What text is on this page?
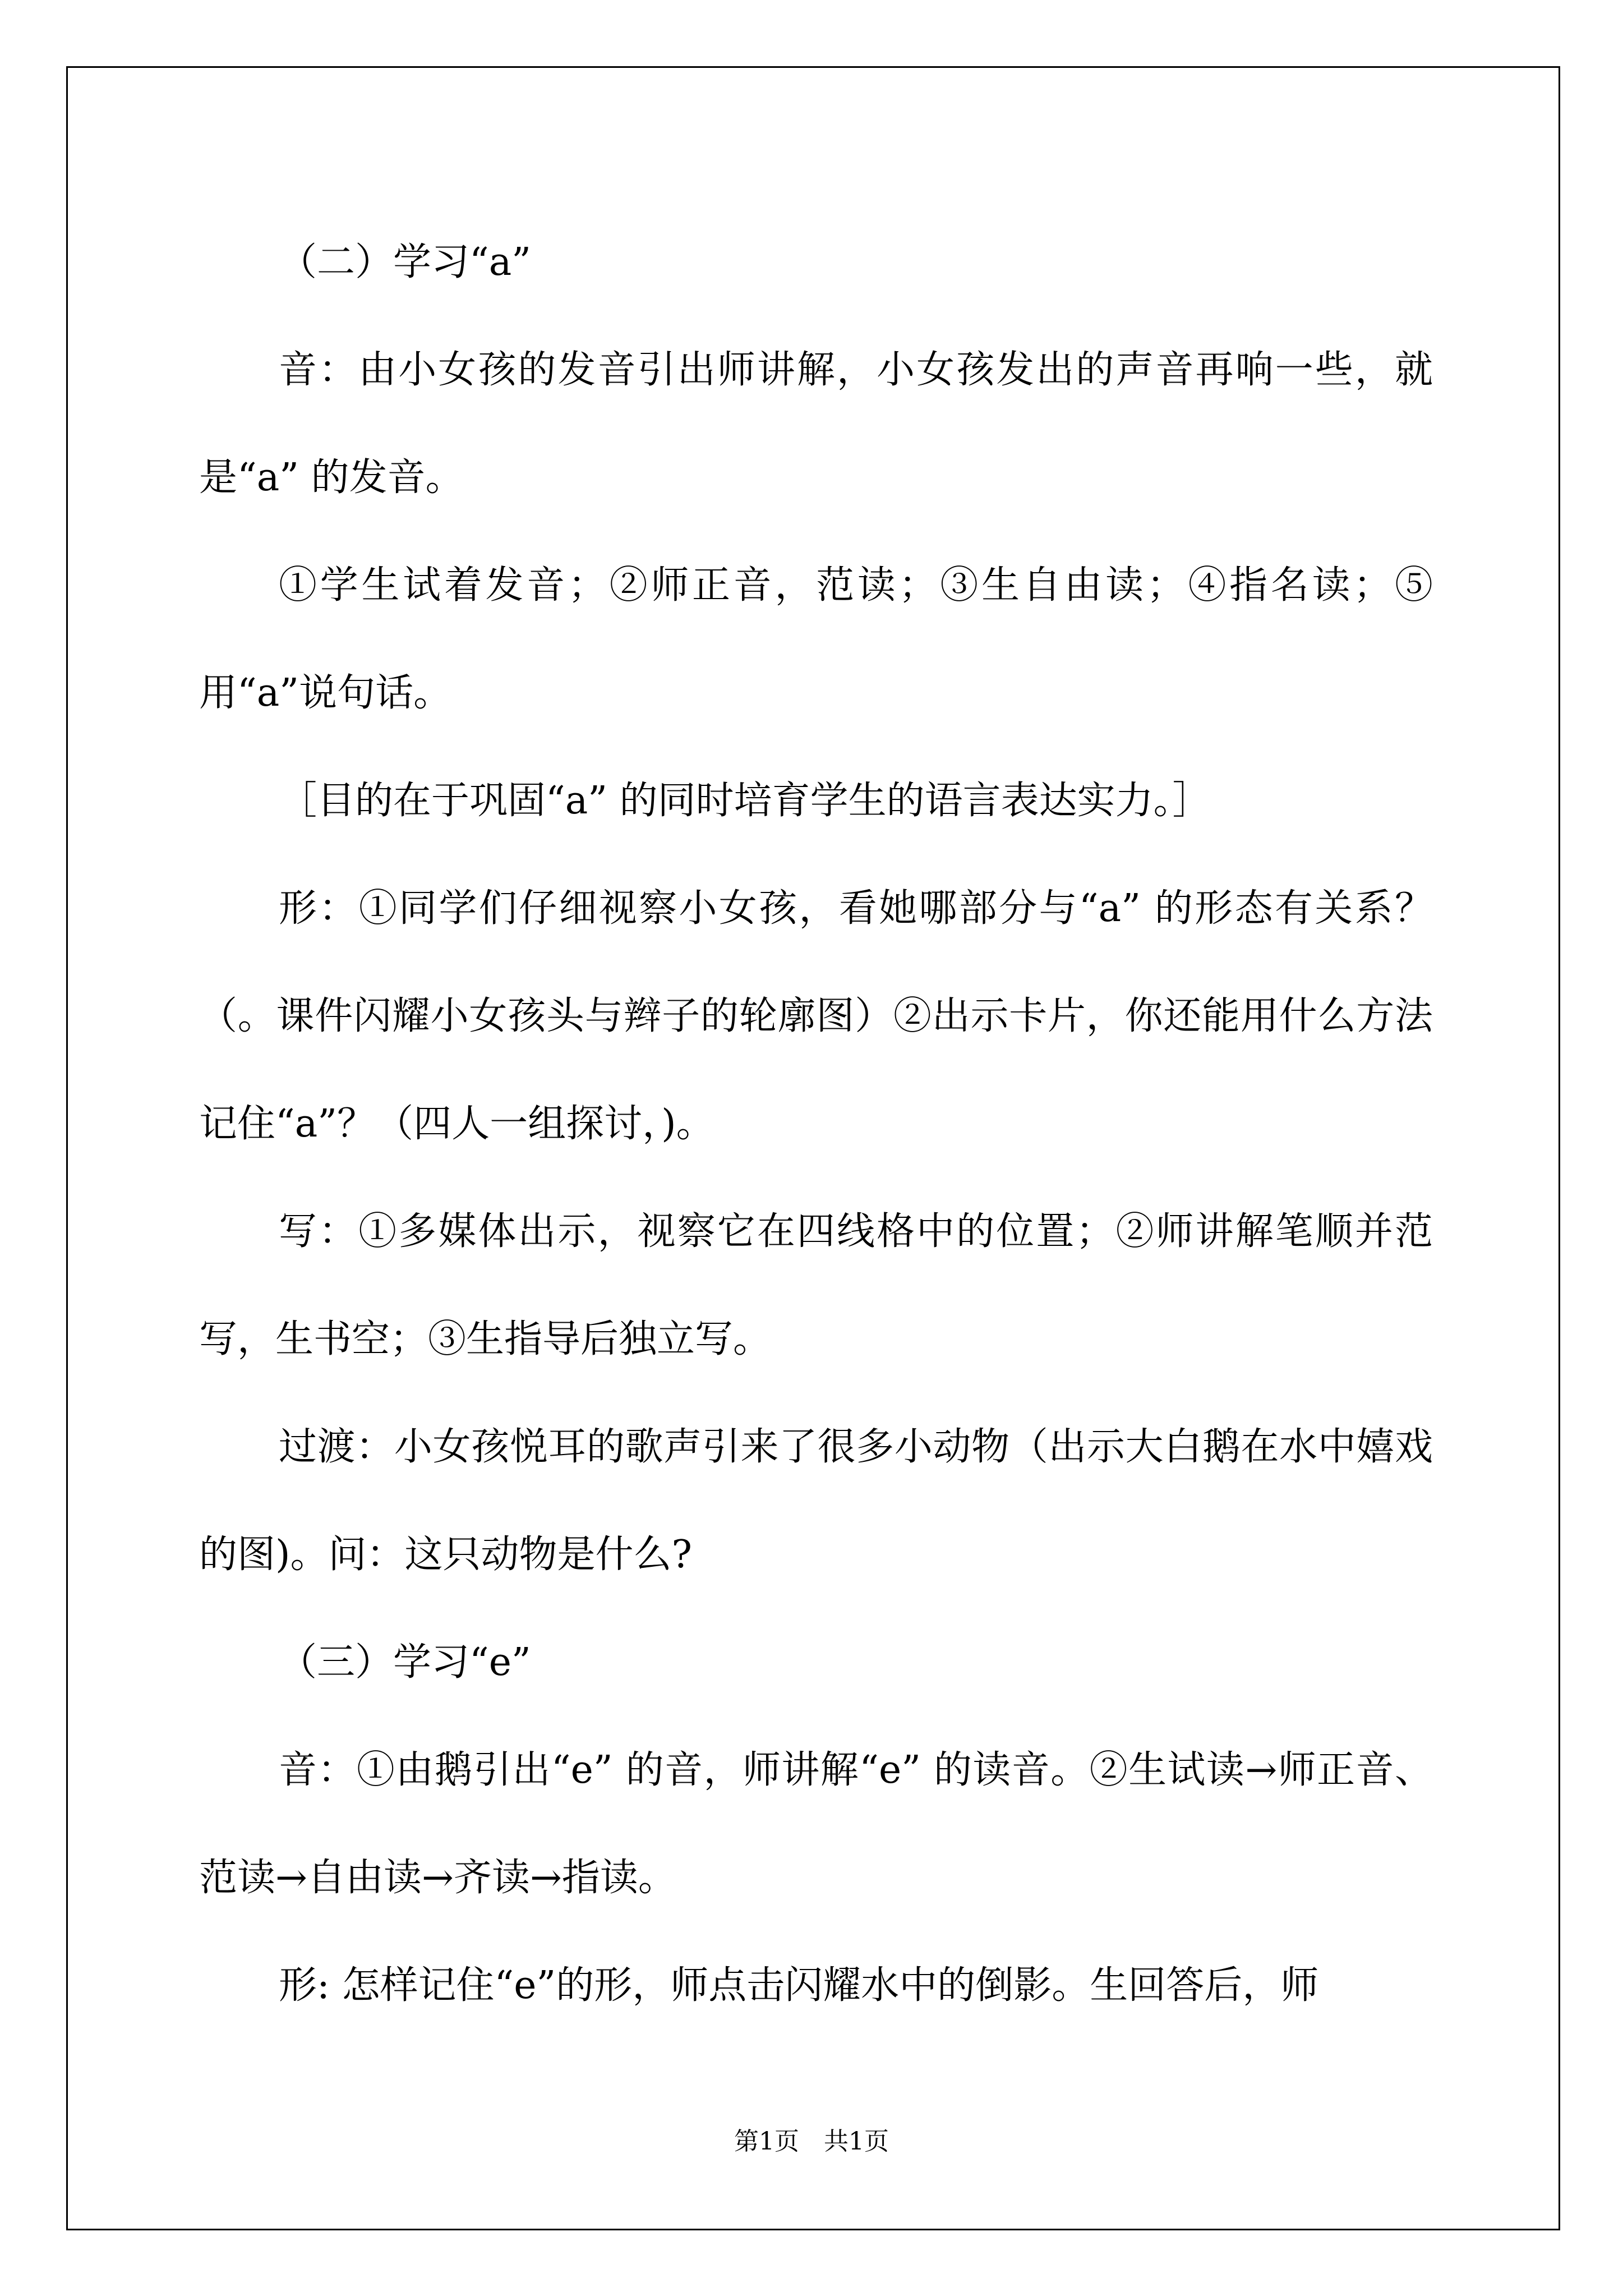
（二）学习“a”

音：由小女孩的发音引出师讲解，小女孩发出的声音再响一些，就是“a” 的发音。

①学生试着发音；②师正音，范读；③生自由读；④指名读；⑤用“a”说句话。

［目的在于巩固“a” 的同时培育学生的语言表达实力。］

形：①同学们仔细视察小女孩，看她哪部分与“a” 的形态有关系？（。课件闪耀小女孩头与辫子的轮廓图）②出示卡片，你还能用什么方法记住“a”？（四人一组探讨，)。

写：①多媒体出示，视察它在四线格中的位置；②师讲解笔顺并范写，生书空；③生指导后独立写。

过渡：小女孩悦耳的歌声引来了很多小动物（出示大白鹅在水中嬉戏的图)。问：这只动物是什么?

（三）学习“e”

音：①由鹅引出“e” 的音，师讲解“e” 的读音。②生试读→师正音、范读→自由读→齐读→指读。

形: 怎样记住“e”的形，师点击闪耀水中的倒影。生回答后，师

第1页　共1页
